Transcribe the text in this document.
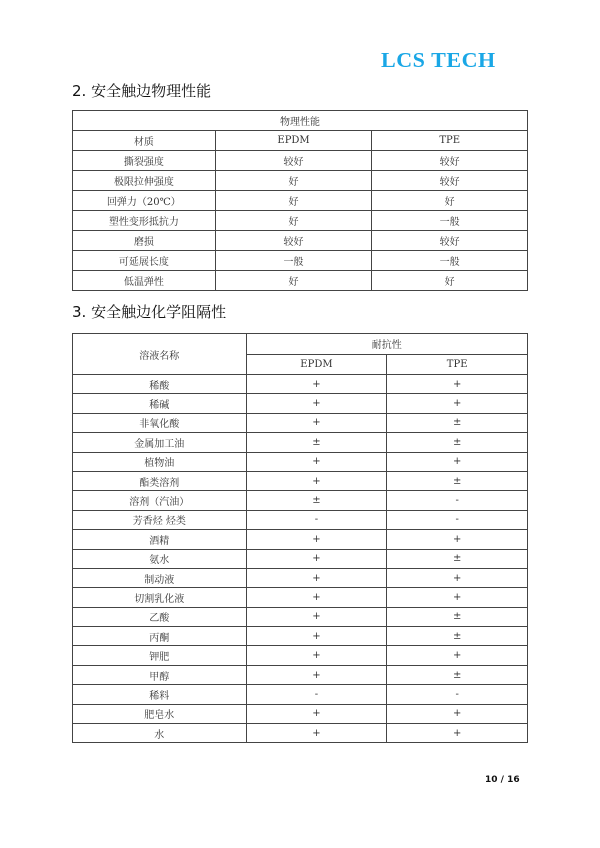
LCS TECH
2. 安全触边物理性能
物理性能		
材质	EPDM	TPE
撕裂强度	较好	较好
极限拉伸强度	好	较好
回弹力（20℃）	好	好
塑性变形抵抗力	好	一般
磨损	较好	较好
可延展长度	一般	一般
低温弹性	好	好
3. 安全触边化学阻隔性
溶液名称	耐抗性	
	EPDM	TPE
稀酸	+	+
稀碱	+	+
非氧化酸	+	±
金属加工油	±	±
植物油	+	+
酯类溶剂	+	±
溶剂（汽油）	±	-
芳香烃 烃类	-	-
酒精	+	+
氨水	+	±
制动液	+	+
切割乳化液	+	+
乙酸	+	±
丙酮	+	±
钾肥	+	+
甲醇	+	±
稀料	-	-
肥皂水	+	+
水	+	+
10 / 16
